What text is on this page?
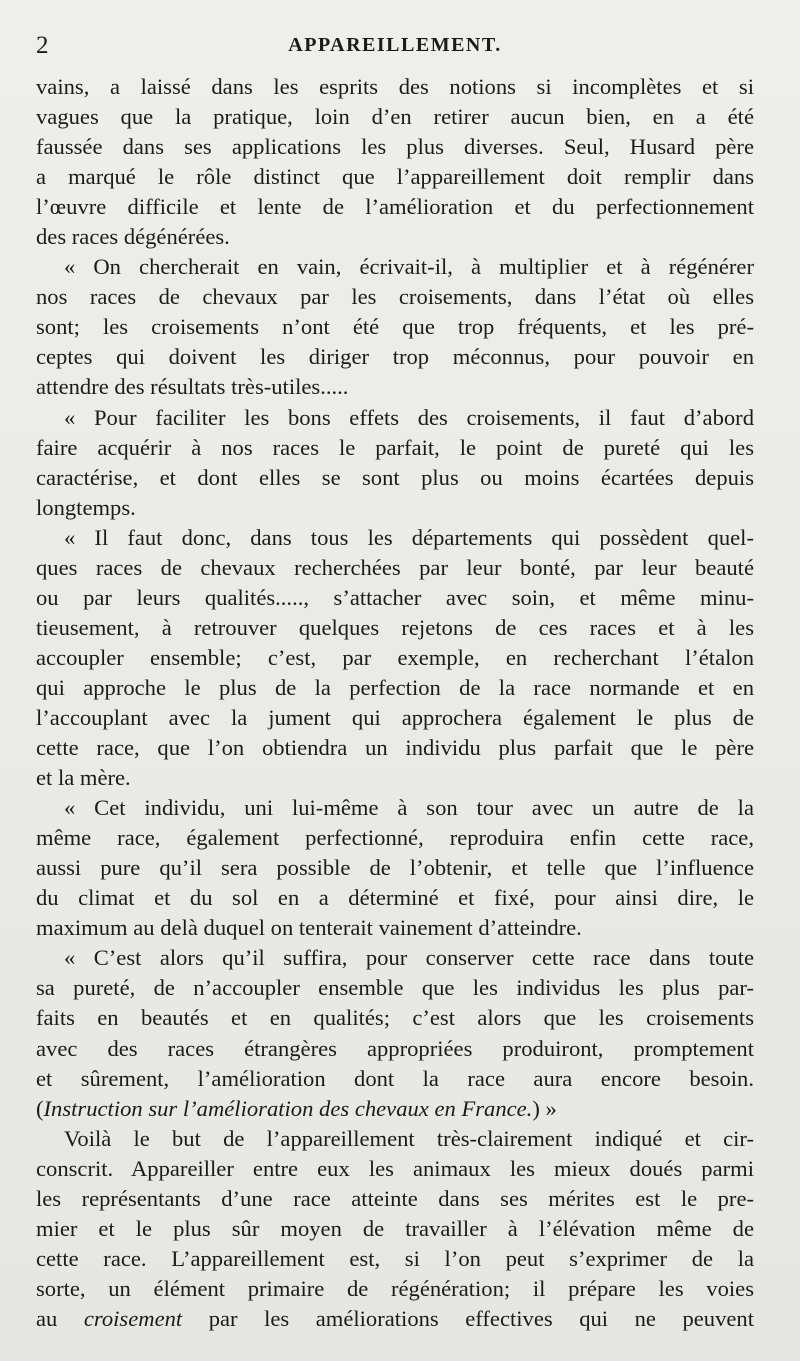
2	APPAREILLEMENT.
vains, a laissé dans les esprits des notions si incomplètes et si
vagues que la pratique, loin d’en retirer aucun bien, en a été
faussée dans ses applications les plus diverses. Seul, Husard père
a marqué le rôle distinct que l’appareillement doit remplir dans
l’œuvre difficile et lente de l’amélioration et du perfectionnement
des races dégénérées.
« On chercherait en vain, écrivait-il, à multiplier et à régénérer
nos races de chevaux par les croisements, dans l’état où elles
sont; les croisements n’ont été que trop fréquents, et les pré-
ceptes qui doivent les diriger trop méconnus, pour pouvoir en
attendre des résultats très-utiles.....
« Pour faciliter les bons effets des croisements, il faut d’abord
faire acquérir à nos races le parfait, le point de pureté qui les
caractérise, et dont elles se sont plus ou moins écartées depuis
longtemps.
« Il faut donc, dans tous les départements qui possèdent quel-
ques races de chevaux recherchées par leur bonté, par leur beauté
ou par leurs qualités....., s’attacher avec soin, et même minu-
tieusement, à retrouver quelques rejetons de ces races et à les
accoupler ensemble; c’est, par exemple, en recherchant l’étalon
qui approche le plus de la perfection de la race normande et en
l’accouplant avec la jument qui approchera également le plus de
cette race, que l’on obtiendra un individu plus parfait que le père
et la mère.
« Cet individu, uni lui-même à son tour avec un autre de la
même race, également perfectionné, reproduira enfin cette race,
aussi pure qu’il sera possible de l’obtenir, et telle que l’influence
du climat et du sol en a déterminé et fixé, pour ainsi dire, le
maximum au delà duquel on tenterait vainement d’atteindre.
« C’est alors qu’il suffira, pour conserver cette race dans toute
sa pureté, de n’accoupler ensemble que les individus les plus par-
faits en beautés et en qualités; c’est alors que les croisements
avec des races étrangères appropriées produiront, promptement
et sûrement, l’amélioration dont la race aura encore besoin.
(Instruction sur l’amélioration des chevaux en France.) »
Voilà le but de l’appareillement très-clairement indiqué et cir-
conscrit. Appareiller entre eux les animaux les mieux doués parmi
les représentants d’une race atteinte dans ses mérites est le pre-
mier et le plus sûr moyen de travailler à l’élévation même de
cette race. L’appareillement est, si l’on peut s’exprimer de la
sorte, un élément primaire de régénération; il prépare les voies
au croisement par les améliorations effectives qui ne peuvent
